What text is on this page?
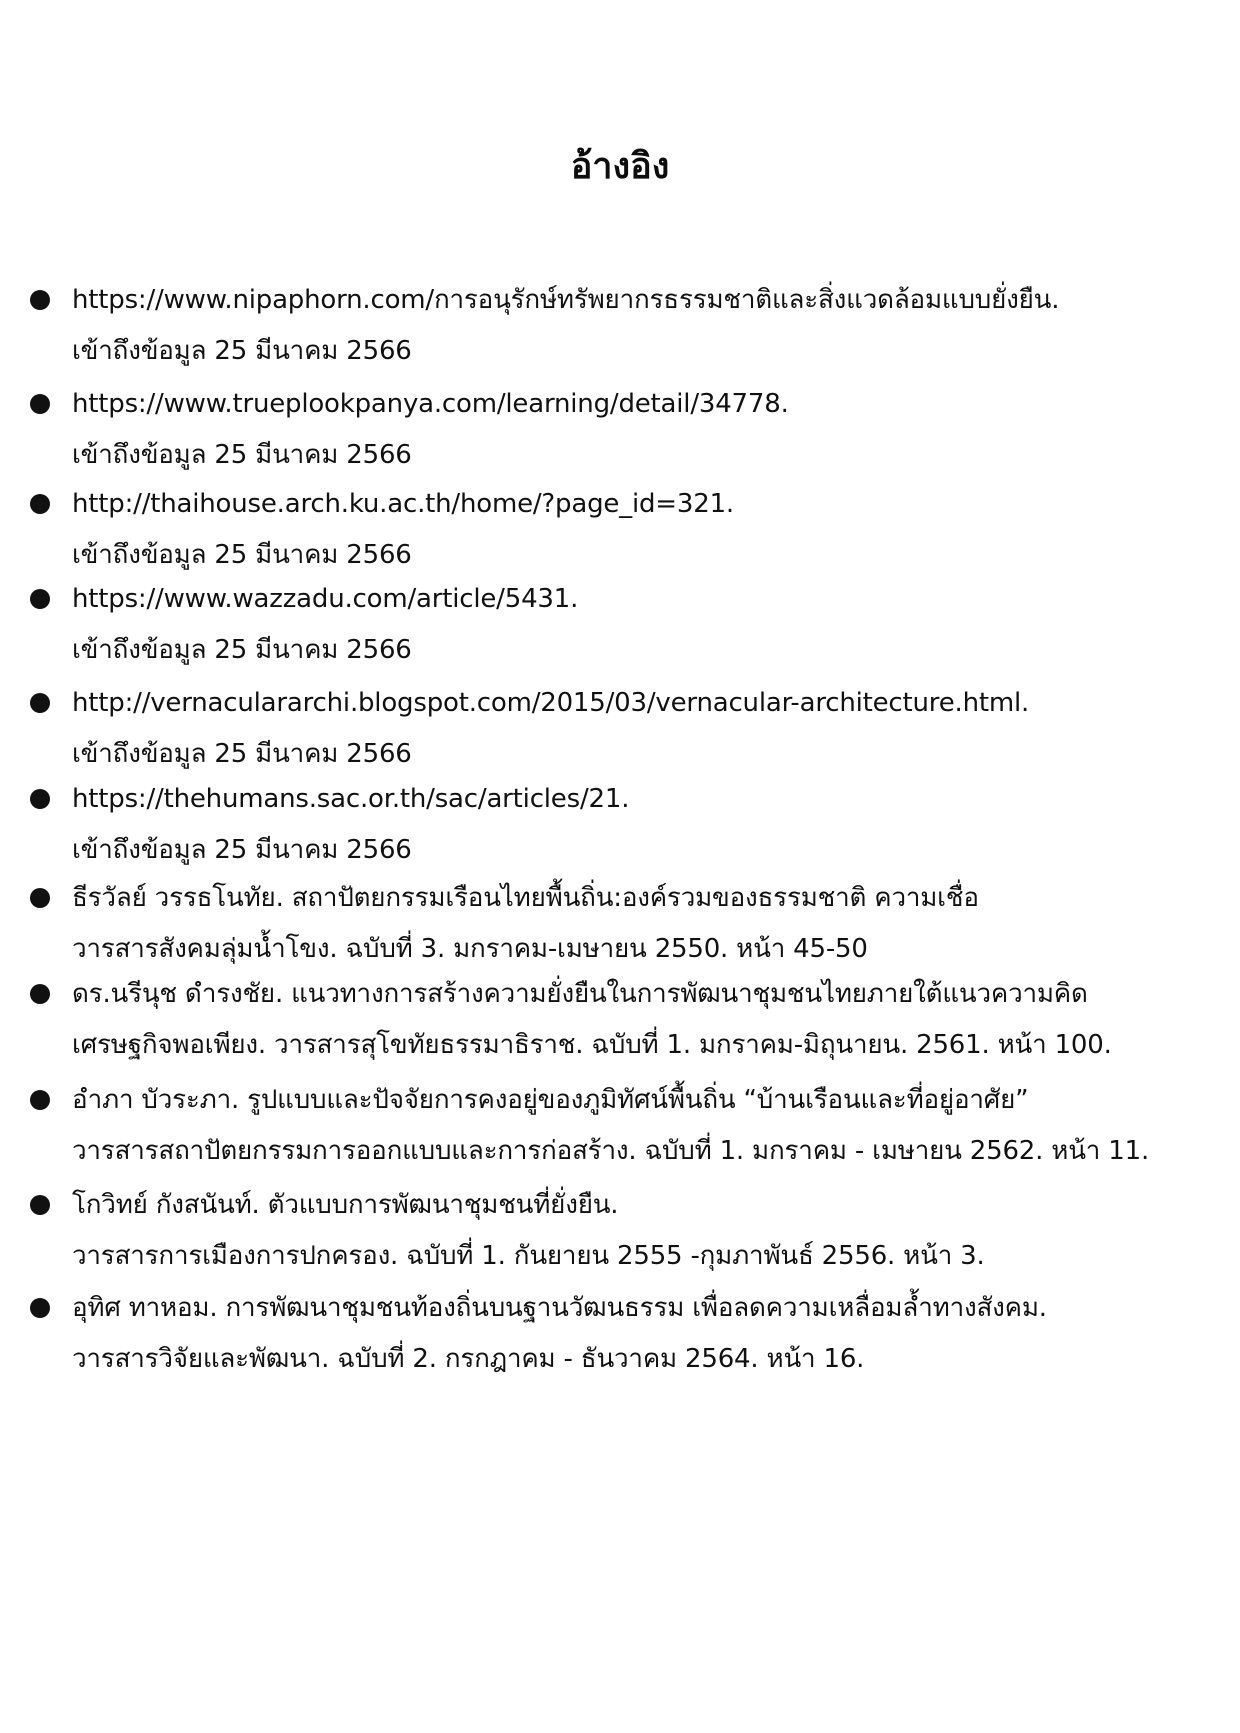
อ้างอิง
https://www.nipaphorn.com/การอนุรักษ์ทรัพยากรธรรมชาติและสิ่งแวดล้อมแบบยั่งยืน.
เข้าถึงข้อมูล 25 มีนาคม 2566
https://www.trueplookpanya.com/learning/detail/34778.
เข้าถึงข้อมูล 25 มีนาคม 2566
http://thaihouse.arch.ku.ac.th/home/?page_id=321.
เข้าถึงข้อมูล 25 มีนาคม 2566
https://www.wazzadu.com/article/5431.
เข้าถึงข้อมูล 25 มีนาคม 2566
http://vernaculararchi.blogspot.com/2015/03/vernacular-architecture.html.
เข้าถึงข้อมูล 25 มีนาคม 2566
https://thehumans.sac.or.th/sac/articles/21.
เข้าถึงข้อมูล 25 มีนาคม 2566
ธีรวัลย์ วรรธโนทัย. สถาปัตยกรรมเรือนไทยพื้นถิ่น:องค์รวมของธรรมชาติ ความเชื่อ
วารสารสังคมลุ่มน้ำโขง. ฉบับที่ 3. มกราคม-เมษายน 2550. หน้า 45-50
ดร.นรีนุช ดำรงชัย. แนวทางการสร้างความยั่งยืนในการพัฒนาชุมชนไทยภายใต้แนวความคิด
เศรษฐกิจพอเพียง. วารสารสุโขทัยธรรมาธิราช. ฉบับที่ 1. มกราคม-มิถุนายน. 2561. หน้า 100.
อำภา บัวระภา. รูปแบบและปัจจัยการคงอยู่ของภูมิทัศน์พื้นถิ่น “บ้านเรือนและที่อยู่อาศัย”
วารสารสถาปัตยกรรมการออกแบบและการก่อสร้าง. ฉบับที่ 1. มกราคม - เมษายน 2562. หน้า 11.
โกวิทย์ กังสนันท์. ตัวแบบการพัฒนาชุมชนที่ยั่งยืน.
วารสารการเมืองการปกครอง. ฉบับที่ 1. กันยายน 2555 -กุมภาพันธ์ 2556. หน้า 3.
อุทิศ ทาหอม. การพัฒนาชุมชนท้องถิ่นบนฐานวัฒนธรรม เพื่อลดความเหลื่อมล้ำทางสังคม.
วารสารวิจัยและพัฒนา. ฉบับที่ 2. กรกฎาคม - ธันวาคม 2564. หน้า 16.
